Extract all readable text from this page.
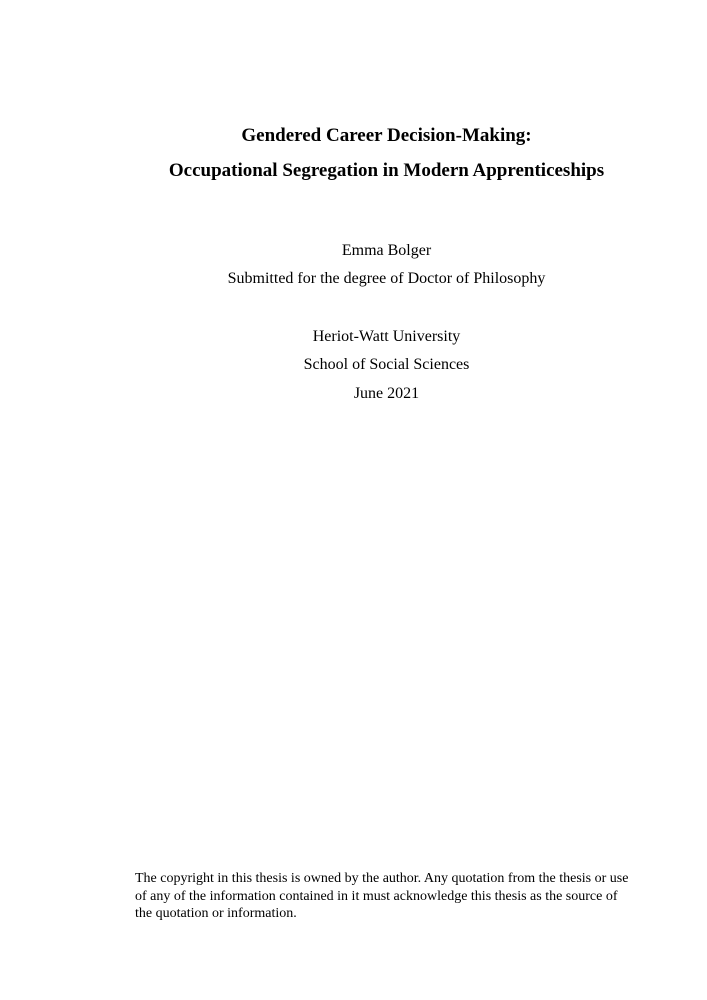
Gendered Career Decision-Making:
Occupational Segregation in Modern Apprenticeships
Emma Bolger
Submitted for the degree of Doctor of Philosophy
Heriot-Watt University
School of Social Sciences
June 2021
The copyright in this thesis is owned by the author. Any quotation from the thesis or use of any of the information contained in it must acknowledge this thesis as the source of the quotation or information.
